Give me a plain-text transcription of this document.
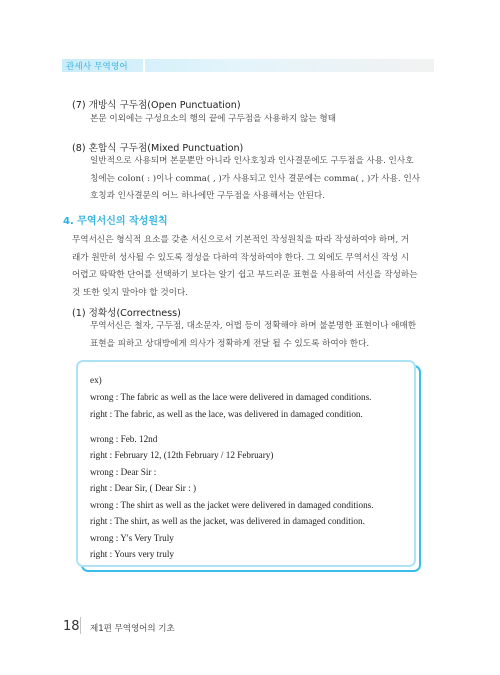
관세사 무역영어
(7) 개방식 구두점(Open Punctuation)

본문 이외에는 구성요소의 행의 끝에 구두점을 사용하지 않는 형태

(8) 혼합식 구두점(Mixed Punctuation)

일반적으로 사용되며 본문뿐만 아니라 인사호칭과 인사결문에도 구두점을 사용. 인사호

칭에는 colon( : )이나 comma( , )가 사용되고 인사 결문에는 comma( , )가 사용. 인사

호칭과 인사결문의 어느 하나에만 구두점을 사용해서는 안된다.

4. 무역서신의 작성원칙

무역서신은 형식적 요소를 갖춘 서신으로서 기본적인 작성원칙을 따라 작성하여야 하며, 거

래가 원만히 성사될 수 있도록 정성을 다하여 작성하여야 한다. 그 외에도 무역서신 작성 시

어렵고 딱딱한 단어를 선택하기 보다는 알기 쉽고 부드러운 표현을 사용하여 서신을 작성하는

것 또한 잊지 말아야 할 것이다.

(1) 정확성(Correctness)

무역서신은 철자, 구두점, 대소문자, 어법 등이 정확해야 하며 불분명한 표현이나 애매한

표현을 피하고 상대방에게 의사가 정확하게 전달 될 수 있도록 하여야 한다.

ex)
wrong : The fabric as well as the lace were delivered in damaged conditions.
right : The fabric, as well as the lace, was delivered in damaged condition.
wrong : Feb. 12nd
right : February 12, (12th February / 12 February)
wrong : Dear Sir :
right : Dear Sir, ( Dear Sir : )
wrong : The shirt as well as the jacket were delivered in damaged conditions.
right : The shirt, as well as the jacket, was delivered in damaged condition.
wrong : Y's Very Truly
right : Yours very truly
18 제1편 무역영어의 기초
